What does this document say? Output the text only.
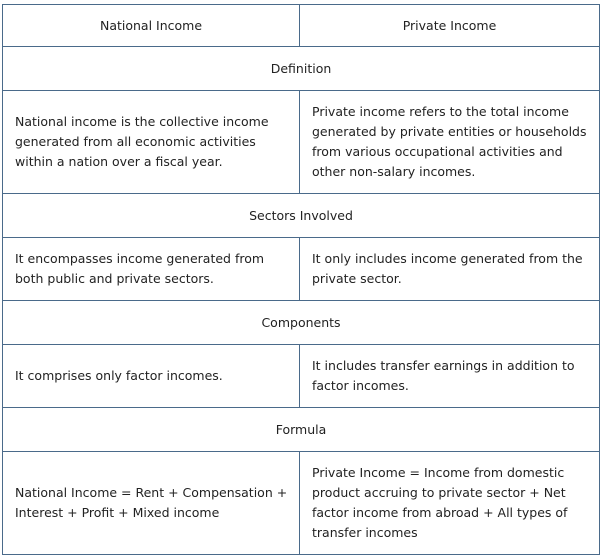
National Income	Private Income
Definition	
National income is the collective income generated from all economic activities within a nation over a fiscal year.	Private income refers to the total income generated by private entities or households from various occupational activities and other non-salary incomes.
Sectors Involved	
It encompasses income generated from both public and private sectors.	It only includes income generated from the private sector.
Components	
It comprises only factor incomes.	It includes transfer earnings in addition to factor incomes.
Formula	
National Income = Rent + Compensation + Interest + Profit + Mixed income	Private Income = Income from domestic product accruing to private sector + Net factor income from abroad + All types of transfer incomes
